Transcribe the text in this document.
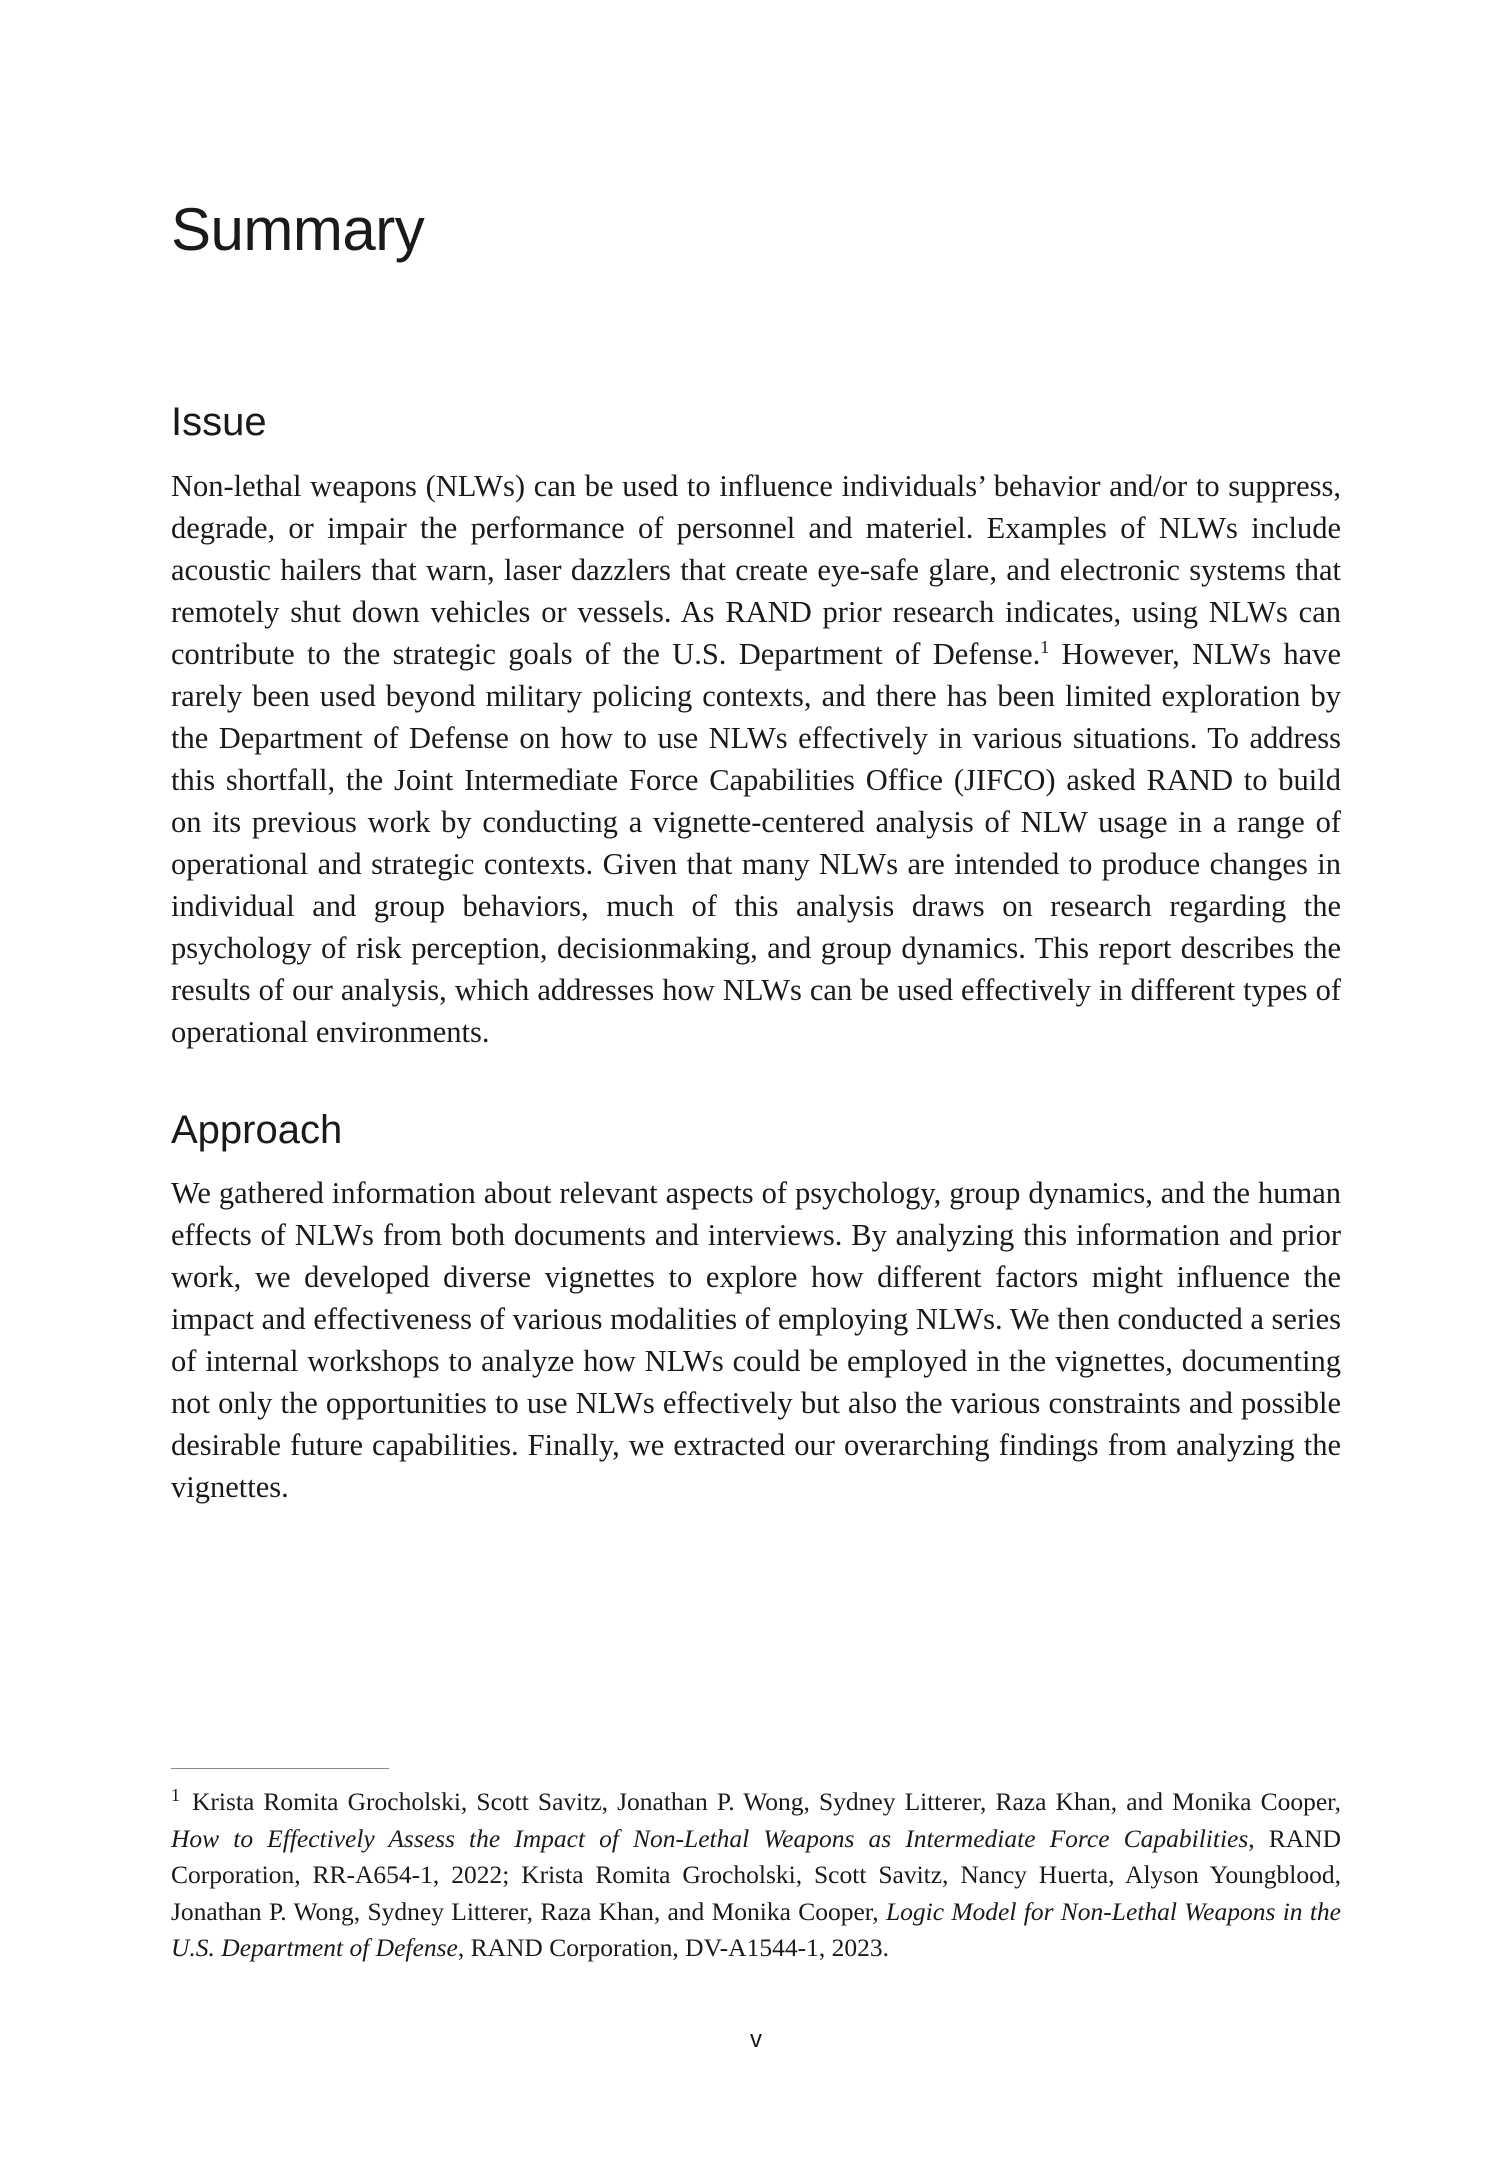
Summary
Issue

Non-lethal weapons (NLWs) can be used to influence individuals’ behavior and/or to suppress, degrade, or impair the performance of personnel and materiel. Examples of NLWs include acoustic hailers that warn, laser dazzlers that create eye-safe glare, and electronic systems that remotely shut down vehicles or vessels. As RAND prior research indicates, using NLWs can contribute to the strategic goals of the U.S. Department of Defense.$^1$ However, NLWs have rarely been used beyond military policing contexts, and there has been limited exploration by the Department of Defense on how to use NLWs effectively in various situations. To address this shortfall, the Joint Intermediate Force Capabilities Office (JIFCO) asked RAND to build on its previous work by conducting a vignette-centered analysis of NLW usage in a range of operational and strategic contexts. Given that many NLWs are intended to produce changes in individual and group behaviors, much of this analysis draws on research regarding the psychology of risk perception, decisionmaking, and group dynamics. This report describes the results of our analysis, which addresses how NLWs can be used effectively in different types of operational environments.

Approach

We gathered information about relevant aspects of psychology, group dynamics, and the human effects of NLWs from both documents and interviews. By analyzing this information and prior work, we developed diverse vignettes to explore how different factors might influence the impact and effectiveness of various modalities of employing NLWs. We then conducted a series of internal workshops to analyze how NLWs could be employed in the vignettes, documenting not only the opportunities to use NLWs effectively but also the various constraints and possible desirable future capabilities. Finally, we extracted our overarching findings from analyzing the vignettes.

$^1$ Krista Romita Grocholski, Scott Savitz, Jonathan P. Wong, Sydney Litterer, Raza Khan, and Monika Cooper, How to Effectively Assess the Impact of Non-Lethal Weapons as Intermediate Force Capabilities, RAND Corporation, RR-A654-1, 2022; Krista Romita Grocholski, Scott Savitz, Nancy Huerta, Alyson Youngblood, Jonathan P. Wong, Sydney Litterer, Raza Khan, and Monika Cooper, Logic Model for Non-Lethal Weapons in the U.S. Department of Defense, RAND Corporation, DV-A1544-1, 2023.

v
